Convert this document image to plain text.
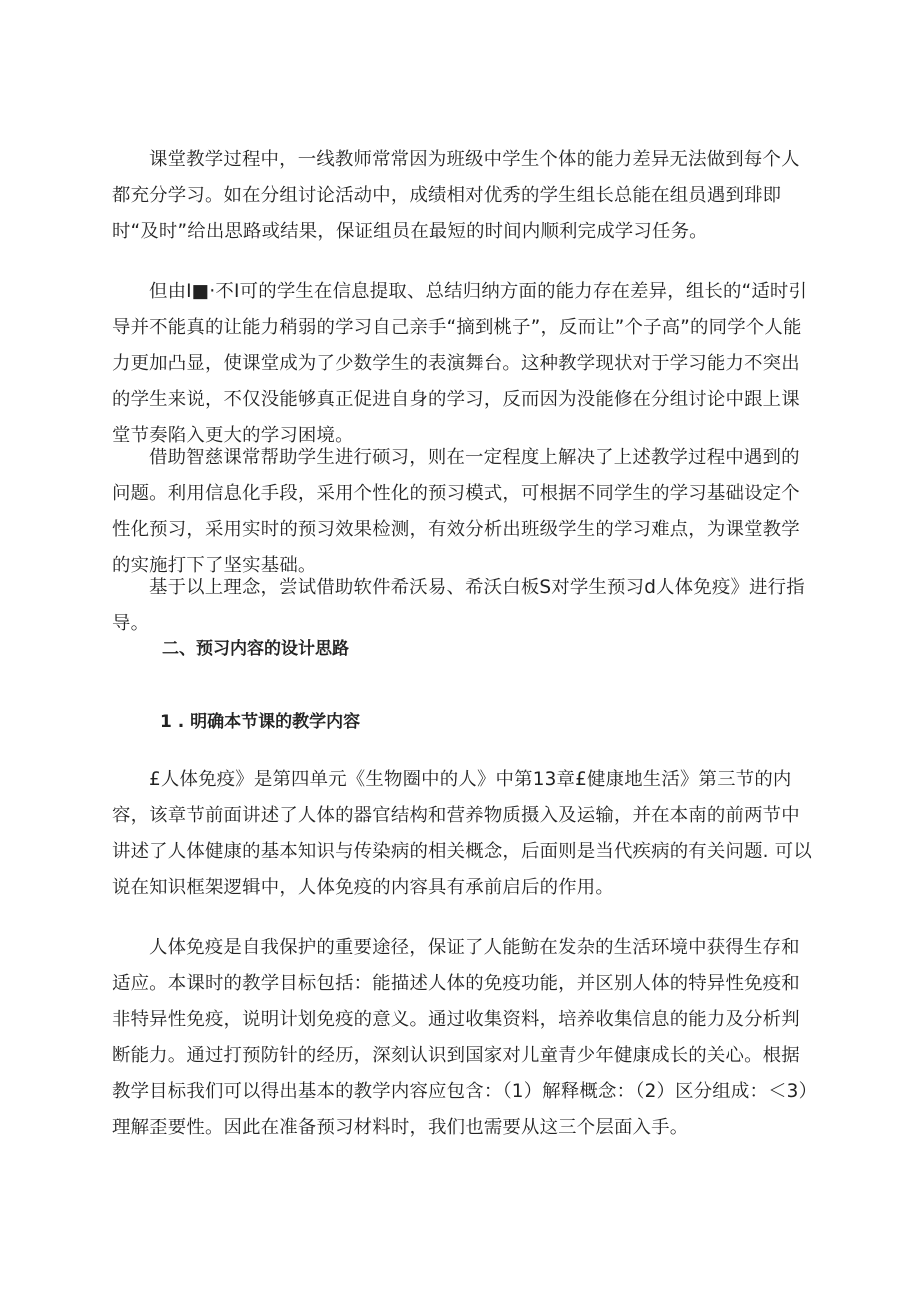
课堂教学过程中，一线教师常常因为班级中学生个体的能力差异无法做到每个人都充分学习。如在分组讨论活动中，成绩相对优秀的学生组长总能在组员遇到琲即时“及时”给出思路或结果，保证组员在最短的时间内顺利完成学习任务。

但由I■·不I可的学生在信息提取、总结归纳方面的能力存在差异，组长的“适时引导并不能真的让能力稍弱的学习自己亲手“摘到桃子”，反而让”个子高”的同学个人能力更加凸显，使课堂成为了少数学生的表演舞台。这种教学现状对于学习能力不突出的学生来说，不仅没能够真正促进自身的学习，反而因为没能修在分组讨论中跟上课堂节奏陷入更大的学习困境。

借助智慈课常帮助学生进行硕习，则在一定程度上解决了上述教学过程中遇到的问题。利用信息化手段，采用个性化的预习模式，可根据不同学生的学习基础设定个性化预习，采用实时的预习效果检测，有效分析出班级学生的学习难点，为课堂教学的实施打下了坚实基础。

基于以上理念，尝试借助软件希沃易、希沃白板S对学生预习d人体免疫》进行指导。

二、预习内容的设计思路
1 . 明确本节课的教学内容

£人体免疫》是第四单元《生物圈中的人》中第13章£健康地生活》第三节的内容，该章节前面讲述了人体的器官结构和营养物质摄入及运输，并在本南的前两节中讲述了人体健康的基本知识与传染病的相关概念，后面则是当代疾病的有关问题. 可以说在知识框架逻辑中，人体免疫的内容具有承前启后的作用。

人体免疫是自我保护的重要途径，保证了人能鲂在发杂的生活环境中获得生存和适应。本课时的教学目标包括：能描述人体的免疫功能，并区别人体的特异性免疫和非特异性免疫，说明计划免疫的意义。通过收集资料，培养收集信息的能力及分析判断能力。通过打预防针的经历，深刻认识到国家对儿童青少年健康成长的关心。根据教学目标我们可以得出基本的教学内容应包含：（1）解释概念：（2）区分组成：＜3）理解歪要性。因此在准备预习材料时，我们也需要从这三个层面入手。
